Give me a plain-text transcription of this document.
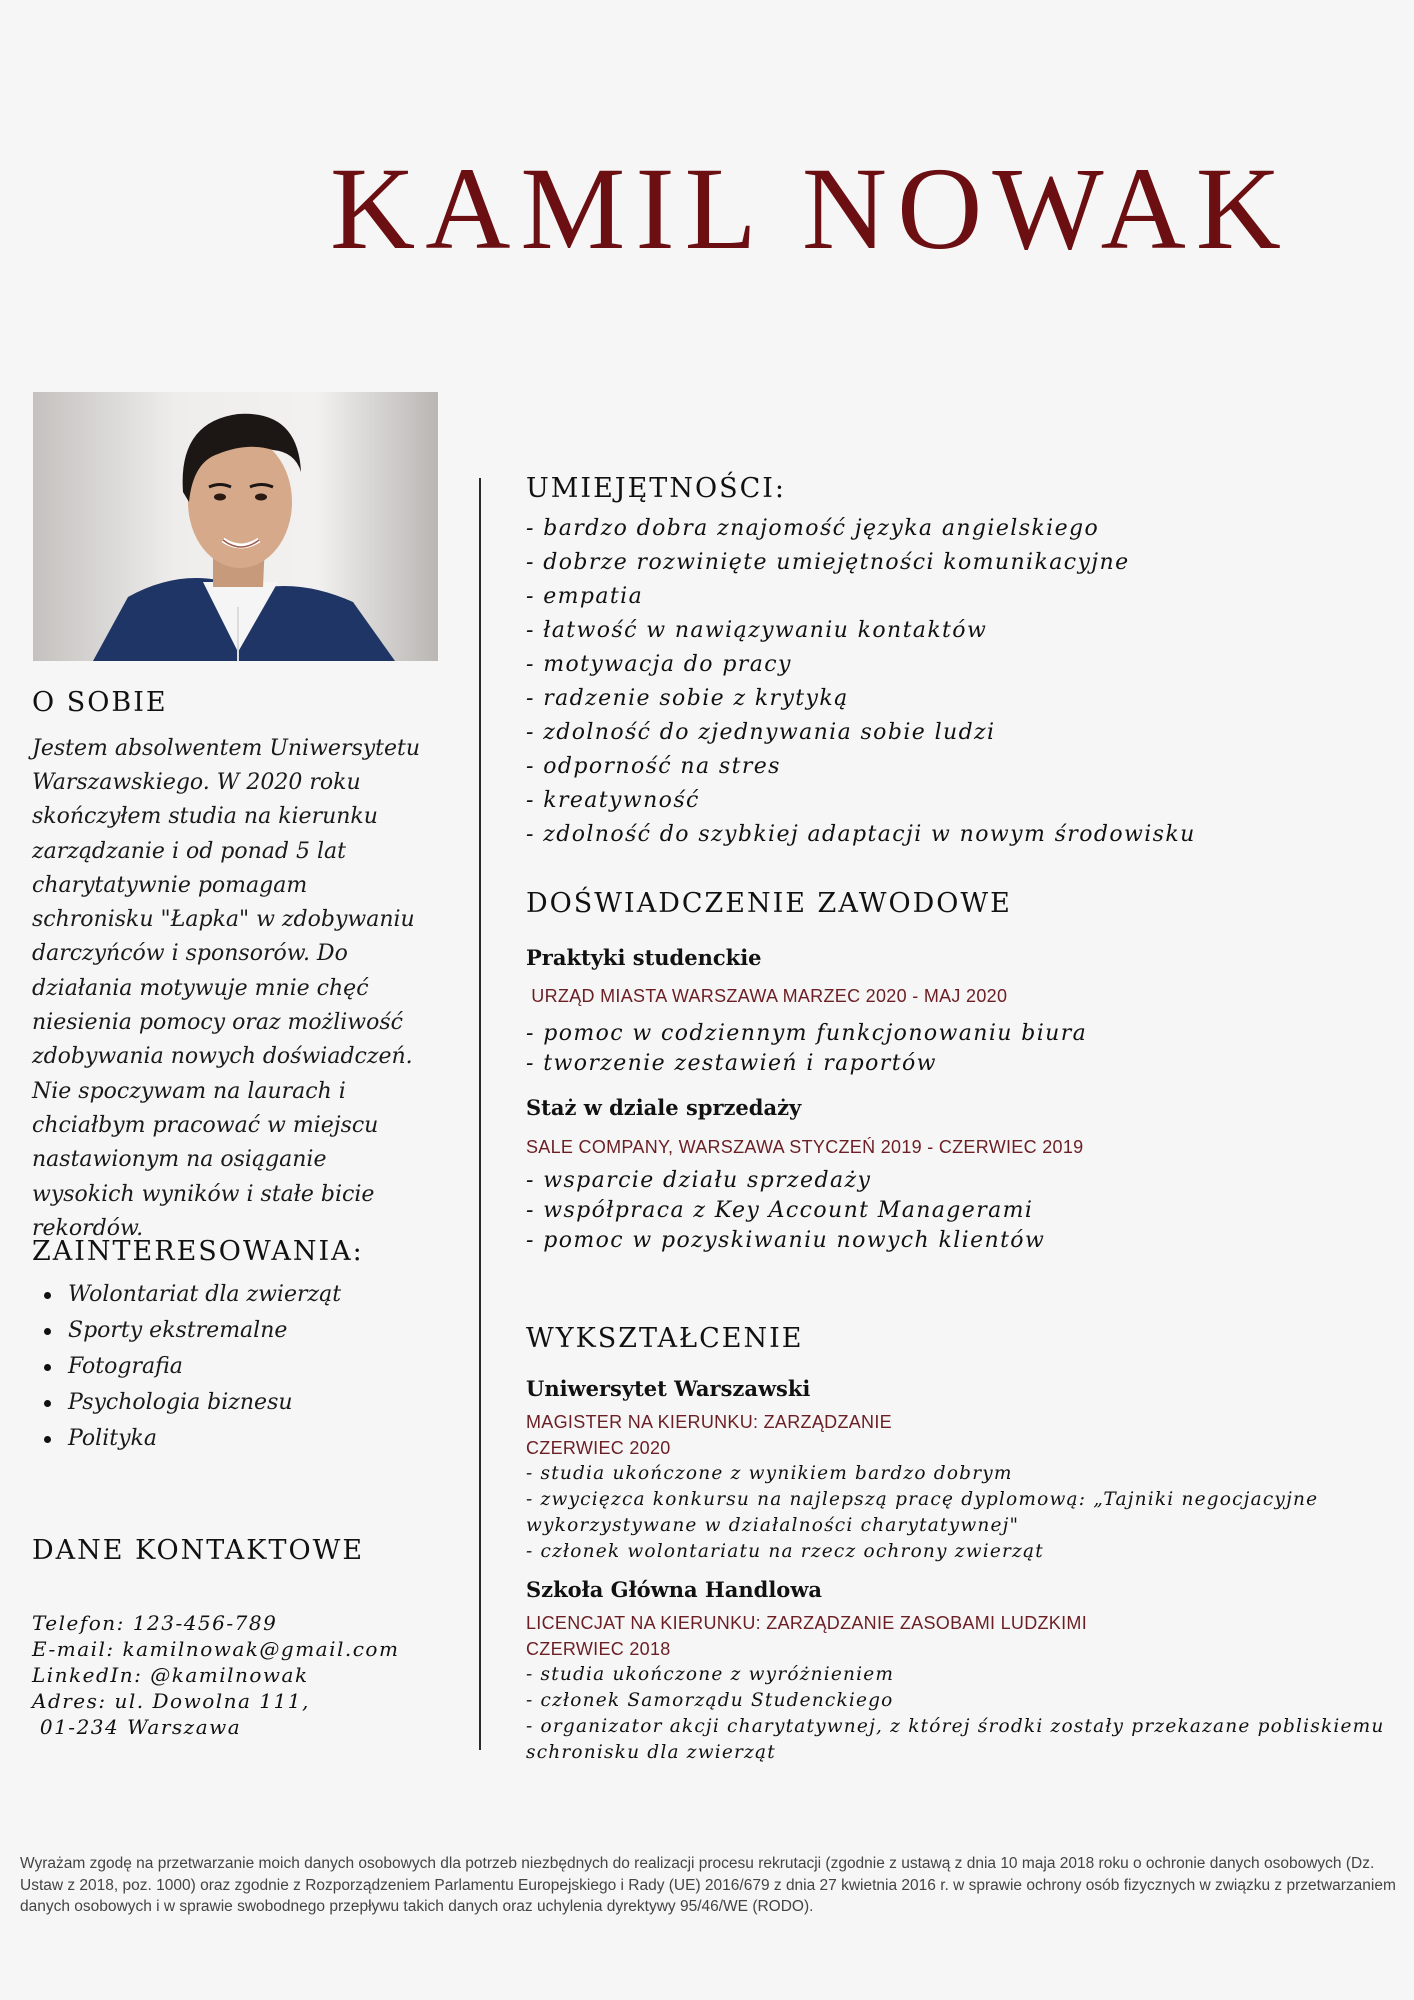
KAMIL NOWAK
O SOBIE

Jestem absolwentem Uniwersytetu Warszawskiego. W 2020 roku skończyłem studia na kierunku zarządzanie i od ponad 5 lat charytatywnie pomagam schronisku "Łapka" w zdobywaniu darczyńców i sponsorów. Do działania motywuje mnie chęć niesienia pomocy oraz możliwość zdobywania nowych doświadczeń. Nie spoczywam na laurach i chciałbym pracować w miejscu nastawionym na osiąganie wysokich wyników i stałe bicie rekordów.

ZAINTERESOWANIA:
Wolontariat dla zwierząt
Sporty ekstremalne
Fotografia
Psychologia biznesu
Polityka
DANE KONTAKTOWE
Telefon: 123-456-789
E-mail: kamilnowak@gmail.com
LinkedIn: @kamilnowak
Adres: ul. Dowolna 111,
01-234 Warszawa
UMIEJĘTNOŚCI:
- bardzo dobra znajomość języka angielskiego
- dobrze rozwinięte umiejętności komunikacyjne
- empatia
- łatwość w nawiązywaniu kontaktów
- motywacja do pracy
- radzenie sobie z krytyką
- zdolność do zjednywania sobie ludzi
- odporność na stres
- kreatywność
- zdolność do szybkiej adaptacji w nowym środowisku
DOŚWIADCZENIE ZAWODOWE
Praktyki studenckie
URZĄD MIASTA WARSZAWA MARZEC 2020 - MAJ 2020
- pomoc w codziennym funkcjonowaniu biura
- tworzenie zestawień i raportów
Staż w dziale sprzedaży
SALE COMPANY, WARSZAWA STYCZEŃ 2019 - CZERWIEC 2019
- wsparcie działu sprzedaży
- współpraca z Key Account Managerami
- pomoc w pozyskiwaniu nowych klientów
WYKSZTAŁCENIE
Uniwersytet Warszawski
MAGISTER NA KIERUNKU: ZARZĄDZANIE
CZERWIEC 2020
- studia ukończone z wynikiem bardzo dobrym
- zwycięzca konkursu na najlepszą pracę dyplomową: „Tajniki negocjacyjne
wykorzystywane w działalności charytatywnej"
- członek wolontariatu na rzecz ochrony zwierząt
Szkoła Główna Handlowa
LICENCJAT NA KIERUNKU: ZARZĄDZANIE ZASOBAMI LUDZKIMI
CZERWIEC 2018
- studia ukończone z wyróżnieniem
- członek Samorządu Studenckiego
- organizator akcji charytatywnej, z której środki zostały przekazane pobliskiemu
schronisku dla zwierząt
Wyrażam zgodę na przetwarzanie moich danych osobowych dla potrzeb niezbędnych do realizacji procesu rekrutacji (zgodnie z ustawą z dnia 10 maja 2018 roku o ochronie danych osobowych (Dz. Ustaw z 2018, poz. 1000) oraz zgodnie z Rozporządzeniem Parlamentu Europejskiego i Rady (UE) 2016/679 z dnia 27 kwietnia 2016 r. w sprawie ochrony osób fizycznych w związku z przetwarzaniem danych osobowych i w sprawie swobodnego przepływu takich danych oraz uchylenia dyrektywy 95/46/WE (RODO).
